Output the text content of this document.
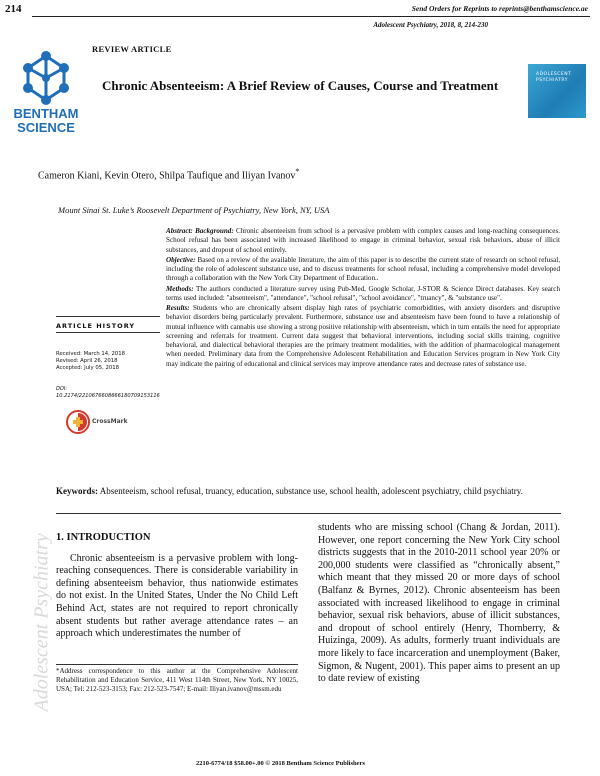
214	Send Orders for Reprints to reprints@benthamscience.ae
Adolescent Psychiatry, 2018, 8, 214-230
BENTHAM
SCIENCE
REVIEW ARTICLE
Chronic Absenteeism: A Brief Review of Causes, Course and Treatment
ADOLESCENT PSYCHIATRY
Cameron Kiani, Kevin Otero, Shilpa Taufique and Iliyan Ivanov*
Mount Sinai St. Luke’s Roosevelt Department of Psychiatry, New York, NY, USA

Abstract: Background: Chronic absenteeism from school is a pervasive problem with complex causes and long-reaching consequences. School refusal has been associated with increased likelihood to engage in criminal behavior, sexual risk behaviors, abuse of illicit substances, and dropout of school entirely.

Objective: Based on a review of the available literature, the aim of this paper is to describe the current state of research on school refusal, including the role of adolescent substance use, and to discuss treatments for school refusal, including a comprehensive model developed through a collaboration with the New York City Department of Education..

Methods: The authors conducted a literature survey using Pub-Med, Google Scholar, J-STOR & Science Direct databases. Key search terms used included: "absenteeism", "attendance", "school refusal", "school avoidance", "truancy", & "substance use".

Results: Students who are chronically absent display high rates of psychiatric comorbidities, with anxiety disorders and disruptive behavior disorders being particularly prevalent. Furthermore, substance use and absenteeism have been found to have a relationship of mutual influence with cannabis use showing a strong positive relationship with absenteeism, which in turn entails the need for appropriate screening and referrals for treatment. Current data suggest that behavioral interventions, including social skills training, cognitive behavioral, and dialectical behavioral therapies are the primary treatment modalities, with the addition of pharmacological management when needed. Preliminary data from the Comprehensive Adolescent Rehabilitation and Education Services program in New York City may indicate the pairing of educational and clinical services may improve attendance rates and decrease rates of substance use.

ARTICLE HISTORY
Received: March 14, 2018
Revised: April 26, 2018
Accepted: July 05, 2018
DOI:
10.2174/2210676608666180709153116
CrossMark
Keywords: Absenteeism, school refusal, truancy, education, substance use, school health, adolescent psychiatry, child psychiatry.
1. INTRODUCTION

Chronic absenteeism is a pervasive problem with long-reaching consequences. There is considerable variability in defining absenteeism behavior, thus nationwide estimates do not exist. In the United States, Under the No Child Left Behind Act, states are not required to report chronically absent students but rather average attendance rates – an approach which underestimates the number of

students who are missing school (Chang & Jordan, 2011). However, one report concerning the New York City school districts suggests that in the 2010-2011 school year 20% or 200,000 students were classified as “chronically absent,” which meant that they missed 20 or more days of school (Balfanz & Byrnes, 2012). Chronic absenteeism has been associated with increased likelihood to engage in criminal behavior, sexual risk behaviors, abuse of illicit substances, and dropout of school entirely (Henry, Thornberry, & Huizinga, 2009). As adults, formerly truant individuals are more likely to face incarceration and unemployment (Baker, Sigmon, & Nugent, 2001). This paper aims to present an up to date review of existing

*Address correspondence to this author at the Comprehensive Adolescent Rehabilitation and Education Service, 411 West 114th Street, New York, NY 10025, USA; Tel: 212-523-3153; Fax: 212-523-7547; E-mail: Iliyan.ivanov@mssm.edu
2210-6774/18 $58.00+.00 © 2018 Bentham Science Publishers
Adolescent Psychiatry
